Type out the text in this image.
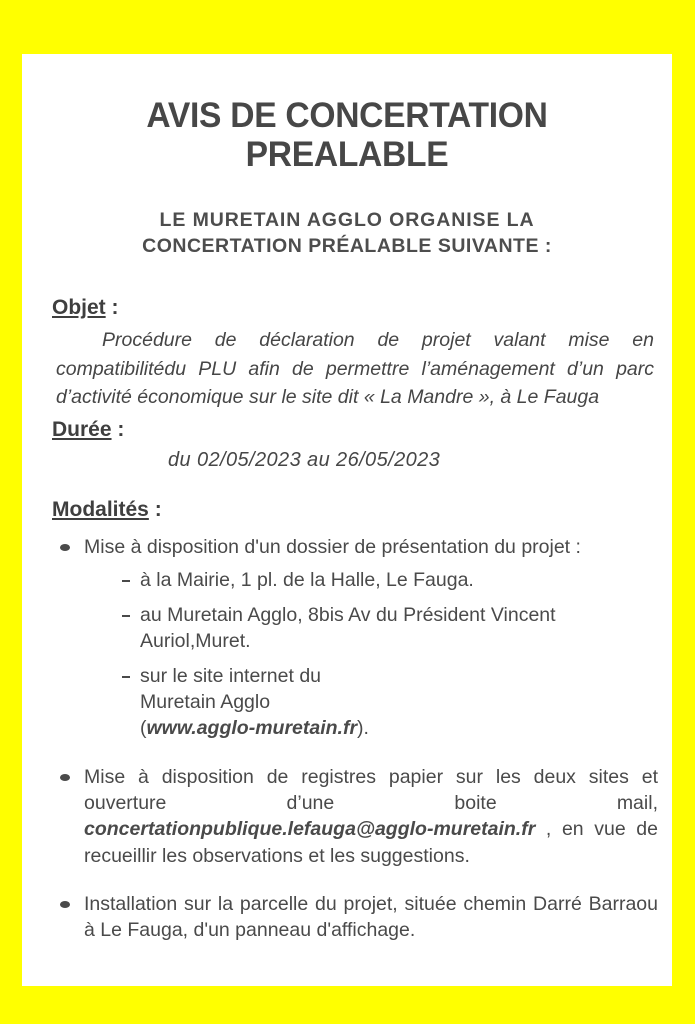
AVIS DE CONCERTATION
PREALABLE
LE MURETAIN AGGLO ORGANISE LA
CONCERTATION PRÉALABLE SUIVANTE :
Objet :
Procédure de déclaration de projet valant mise en compatibilitédu PLU afin de permettre l’aménagement d’un parc d’activité économique sur le site dit « La Mandre », à Le Fauga
Durée :
du 02/05/2023 au 26/05/2023
Modalités :
Mise à disposition d'un dossier de présentation du projet :
à la Mairie, 1 pl. de la Halle, Le Fauga.
au Muretain Agglo, 8bis Av du Président Vincent
Auriol,Muret.
sur le site internet du
Muretain Agglo
(www.agglo-muretain.fr).
Mise à disposition de registres papier sur les deux sites et ouverture d’une boite mail, concertationpublique.lefauga@agglo-muretain.fr , en vue de recueillir les observations et les suggestions.
Installation sur la parcelle du projet, située chemin Darré Barraou à Le Fauga, d'un panneau d'affichage.
